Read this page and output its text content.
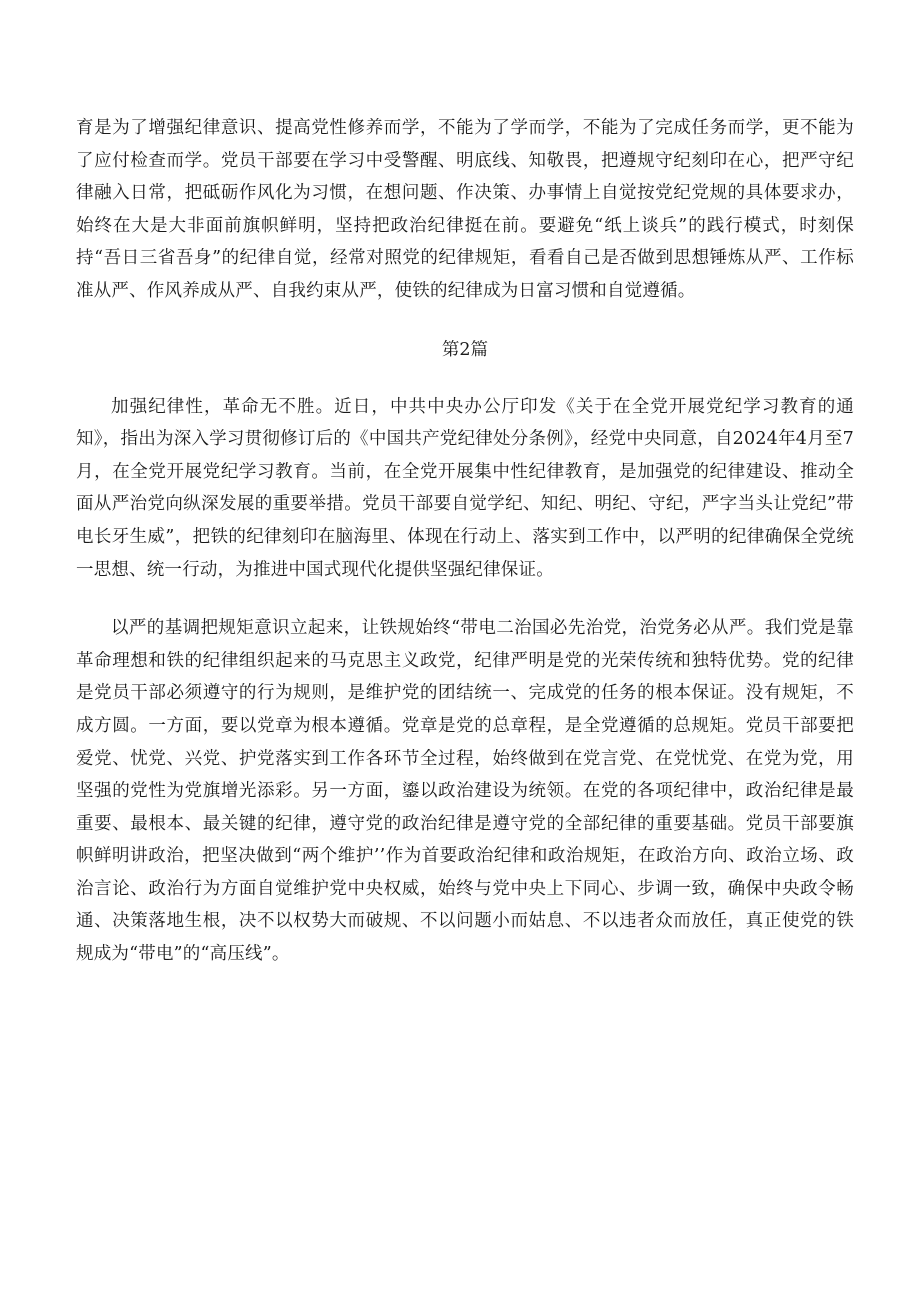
育是为了增强纪律意识、提高党性修养而学，不能为了学而学，不能为了完成任务而学，更不能为了应付检查而学。党员干部要在学习中受警醒、明底线、知敬畏，把遵规守纪刻印在心，把严守纪律融入日常，把砥砺作风化为习惯，在想问题、作决策、办事情上自觉按党纪党规的具体要求办，始终在大是大非面前旗帜鲜明，坚持把政治纪律挺在前。要避免“纸上谈兵”的践行模式，时刻保持“吾日三省吾身”的纪律自觉，经常对照党的纪律规矩，看看自己是否做到思想锤炼从严、工作标准从严、作风养成从严、自我约束从严，使铁的纪律成为日富习惯和自觉遵循。

第2篇

加强纪律性，革命无不胜。近日，中共中央办公厅印发《关于在全党开展党纪学习教育的通知》，指出为深入学习贯彻修订后的《中国共产党纪律处分条例》，经党中央同意，自2024年4月至7月，在全党开展党纪学习教育。当前，在全党开展集中性纪律教育，是加强党的纪律建设、推动全面从严治党向纵深发展的重要举措。党员干部要自觉学纪、知纪、明纪、守纪，严字当头让党纪”带电长牙生威”，把铁的纪律刻印在脑海里、体现在行动上、落实到工作中，以严明的纪律确保全党统一思想、统一行动，为推进中国式现代化提供坚强纪律保证。

以严的基调把规矩意识立起来，让铁规始终“带电二治国必先治党，治党务必从严。我们党是靠革命理想和铁的纪律组织起来的马克思主义政党，纪律严明是党的光荣传统和独特优势。党的纪律是党员干部必须遵守的行为规则，是维护党的团结统一、完成党的任务的根本保证。没有规矩，不成方圆。一方面，要以党章为根本遵循。党章是党的总章程，是全党遵循的总规矩。党员干部要把爱党、忧党、兴党、护党落实到工作各环节全过程，始终做到在党言党、在党忧党、在党为党，用坚强的党性为党旗增光添彩。另一方面，鎏以政治建设为统领。在党的各项纪律中，政治纪律是最重要、最根本、最关键的纪律，遵守党的政治纪律是遵守党的全部纪律的重要基础。党员干部要旗帜鲜明讲政治，把坚决做到“两个维护’’作为首要政治纪律和政治规矩，在政治方向、政治立场、政治言论、政治行为方面自觉维护党中央权威，始终与党中央上下同心、步调一致，确保中央政令畅通、决策落地生根，决不以权势大而破规、不以问题小而姑息、不以违者众而放任，真正使党的铁规成为“带电”的“高压线”。
